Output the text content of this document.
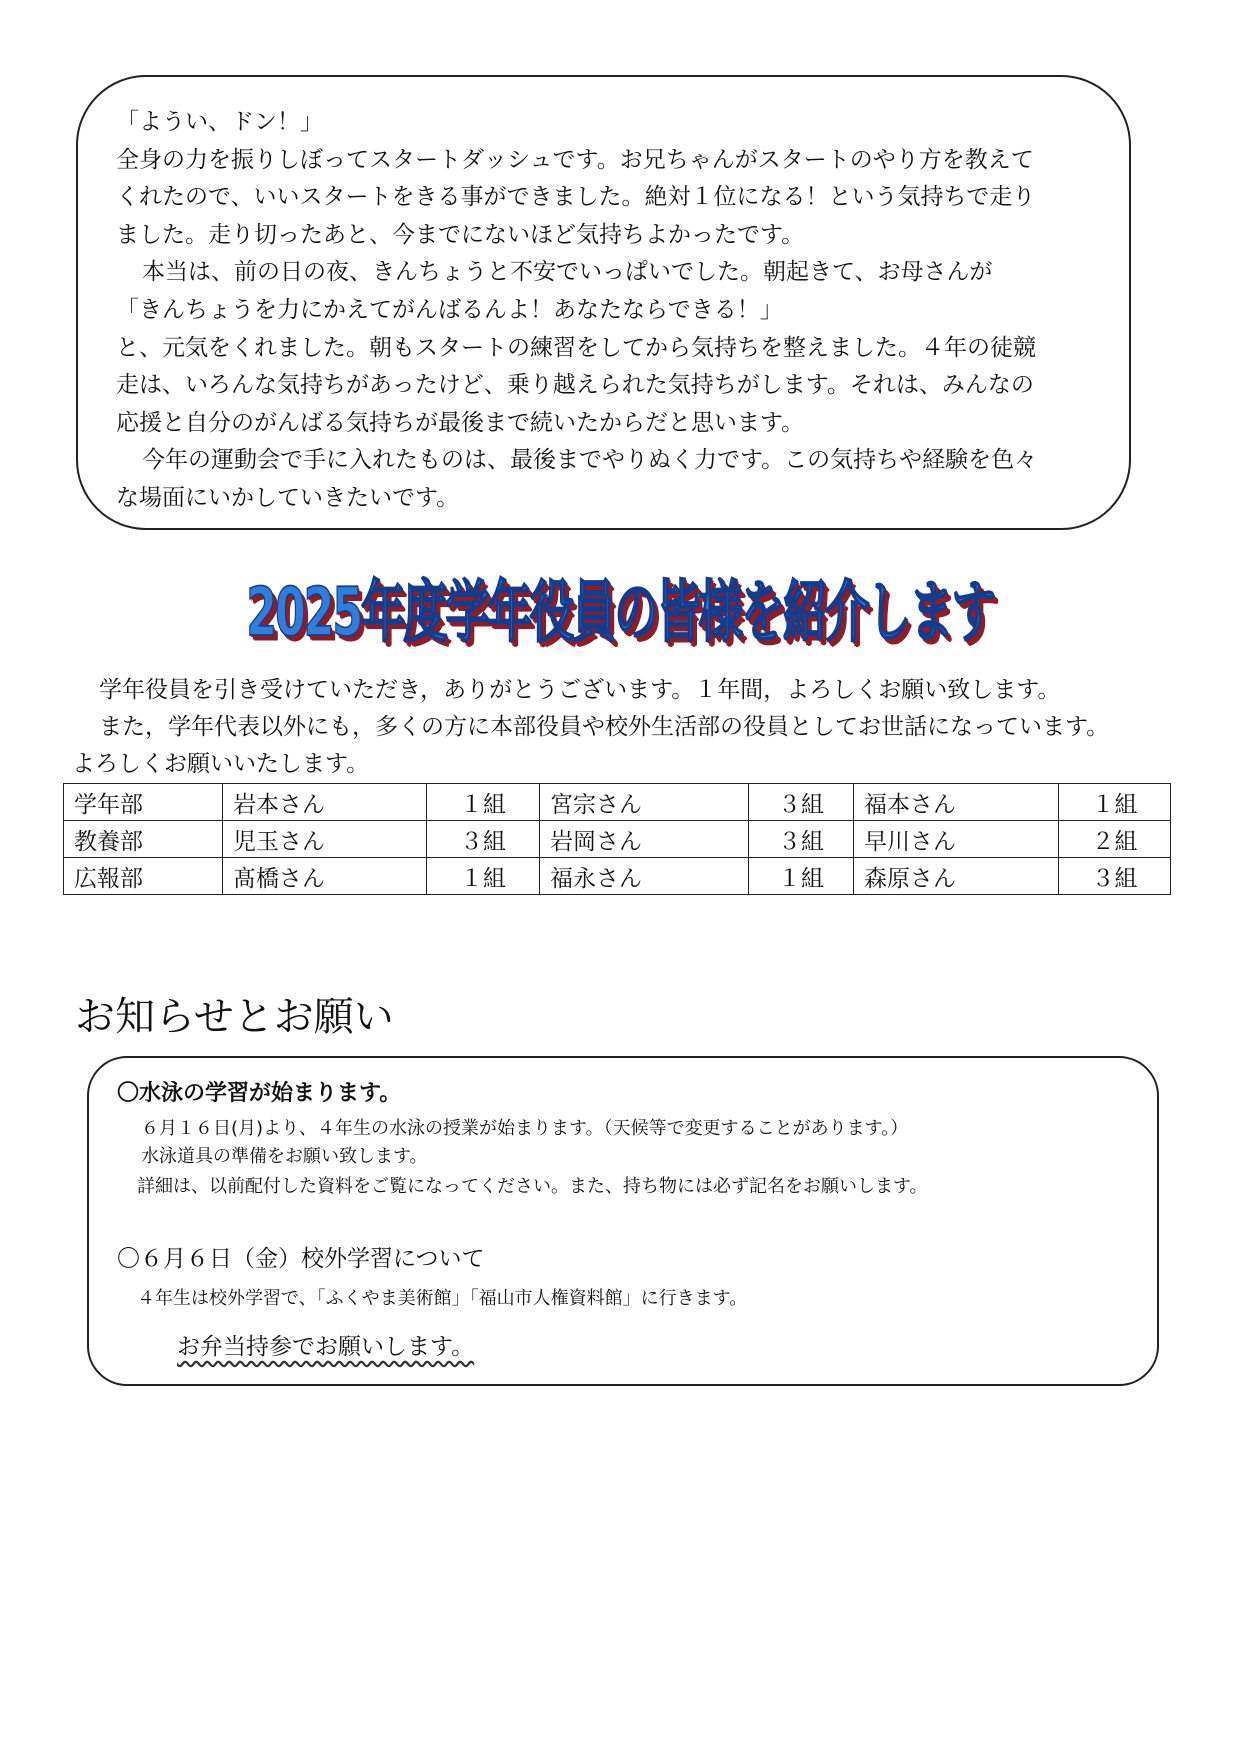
「ようい、ドン！」

全身の力を振りしぼってスタートダッシュです。お兄ちゃんがスタートのやり方を教えて

くれたので、いいスタートをきる事ができました。絶対１位になる！という気持ちで走り

ました。走り切ったあと、今までにないほど気持ちよかったです。

本当は、前の日の夜、きんちょうと不安でいっぱいでした。朝起きて、お母さんが

「きんちょうを力にかえてがんばるんよ！あなたならできる！」

と、元気をくれました。朝もスタートの練習をしてから気持ちを整えました。４年の徒競

走は、いろんな気持ちがあったけど、乗り越えられた気持ちがします。それは、みんなの

応援と自分のがんばる気持ちが最後まで続いたからだと思います。

今年の運動会で手に入れたものは、最後までやりぬく力です。この気持ちや経験を色々

な場面にいかしていきたいです。

2025年度学年役員の皆様を紹介します

学年役員を引き受けていただき，ありがとうございます。１年間，よろしくお願い致します。

また，学年代表以外にも，多くの方に本部役員や校外生活部の役員としてお世話になっています。

よろしくお願いいたします。

学年部	岩本さん	１組	宮宗さん	３組	福本さん	１組
教養部	児玉さん	３組	岩岡さん	３組	早川さん	２組
広報部	髙橋さん	１組	福永さん	１組	森原さん	３組
お知らせとお願い

〇水泳の学習が始まります。

６月１６日(月)より、４年生の水泳の授業が始まります。（天候等で変更することがあります。）

水泳道具の準備をお願い致します。

詳細は、以前配付した資料をご覧になってください。また、持ち物には必ず記名をお願いします。

〇６月６日（金）校外学習について

４年生は校外学習で、「ふくやま美術館」「福山市人権資料館」に行きます。

お弁当持参でお願いします。
